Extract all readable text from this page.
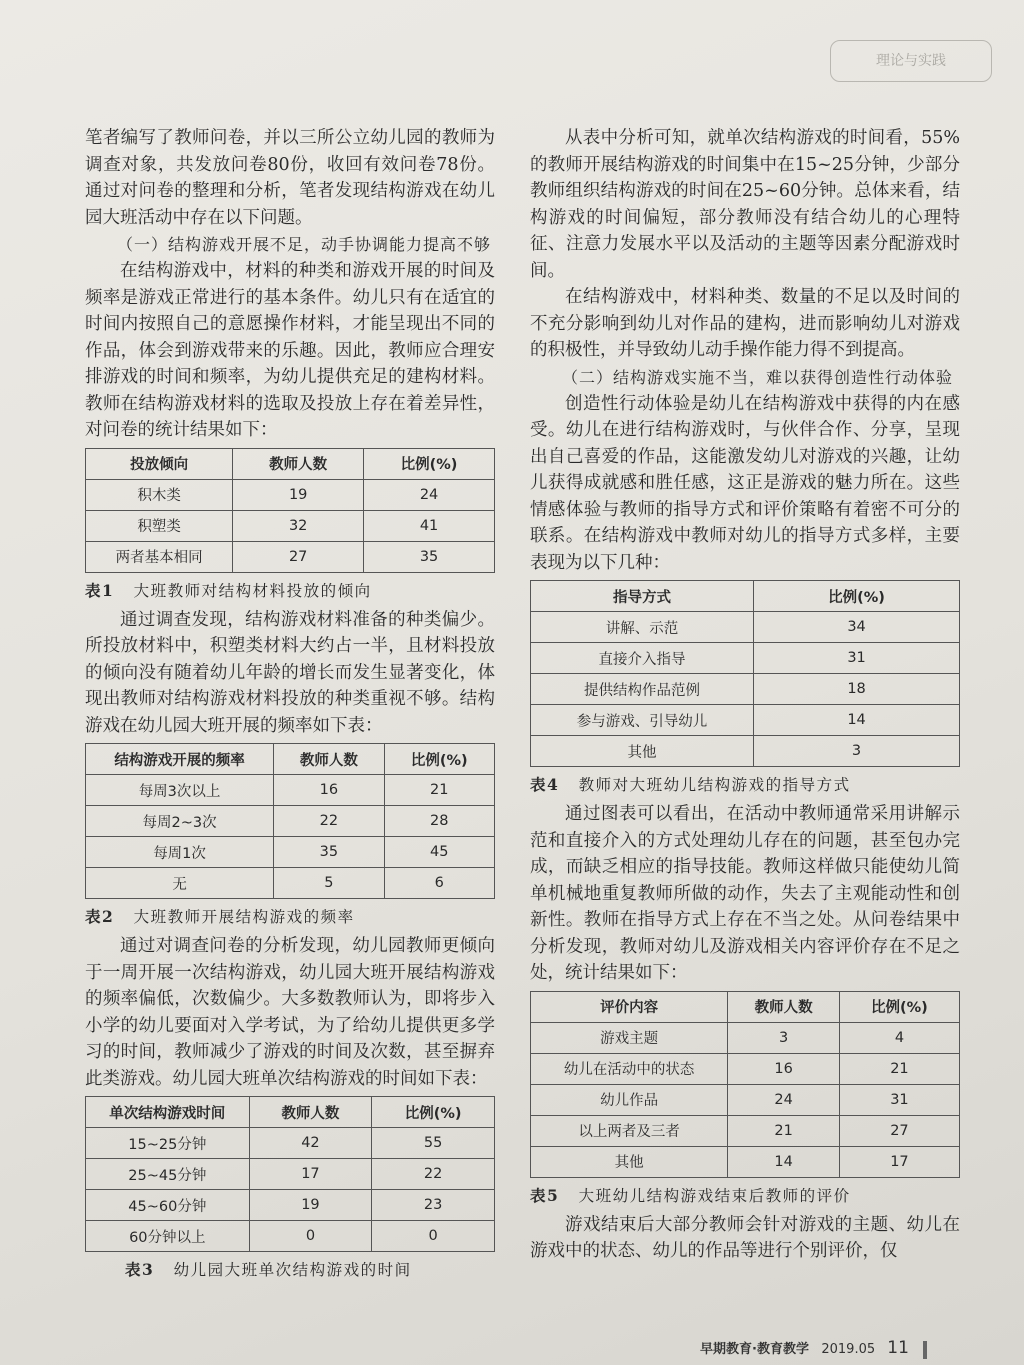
理论与实践

笔者编写了教师问卷，并以三所公立幼儿园的教师为调查对象，共发放问卷80份，收回有效问卷78份。通过对问卷的整理和分析，笔者发现结构游戏在幼儿园大班活动中存在以下问题。

（一）结构游戏开展不足，动手协调能力提高不够

在结构游戏中，材料的种类和游戏开展的时间及频率是游戏正常进行的基本条件。幼儿只有在适宜的时间内按照自己的意愿操作材料，才能呈现出不同的作品，体会到游戏带来的乐趣。因此，教师应合理安排游戏的时间和频率，为幼儿提供充足的建构材料。教师在结构游戏材料的选取及投放上存在着差异性，对问卷的统计结果如下：

投放倾向	教师人数	比例(%)
积木类	19	24
积塑类	32	41
两者基本相同	27	35
表1 大班教师对结构材料投放的倾向

通过调查发现，结构游戏材料准备的种类偏少。所投放材料中，积塑类材料大约占一半，且材料投放的倾向没有随着幼儿年龄的增长而发生显著变化，体现出教师对结构游戏材料投放的种类重视不够。结构游戏在幼儿园大班开展的频率如下表：

结构游戏开展的频率	教师人数	比例(%)
每周3次以上	16	21
每周2~3次	22	28
每周1次	35	45
无	5	6
表2 大班教师开展结构游戏的频率

通过对调查问卷的分析发现，幼儿园教师更倾向于一周开展一次结构游戏，幼儿园大班开展结构游戏的频率偏低，次数偏少。大多数教师认为，即将步入小学的幼儿要面对入学考试，为了给幼儿提供更多学习的时间，教师减少了游戏的时间及次数，甚至摒弃此类游戏。幼儿园大班单次结构游戏的时间如下表：

单次结构游戏时间	教师人数	比例(%)
15~25分钟	42	55
25~45分钟	17	22
45~60分钟	19	23
60分钟以上	0	0
表3 幼儿园大班单次结构游戏的时间

从表中分析可知，就单次结构游戏的时间看，55%的教师开展结构游戏的时间集中在15~25分钟，少部分教师组织结构游戏的时间在25~60分钟。总体来看，结构游戏的时间偏短，部分教师没有结合幼儿的心理特征、注意力发展水平以及活动的主题等因素分配游戏时间。

在结构游戏中，材料种类、数量的不足以及时间的不充分影响到幼儿对作品的建构，进而影响幼儿对游戏的积极性，并导致幼儿动手操作能力得不到提高。

（二）结构游戏实施不当，难以获得创造性行动体验

创造性行动体验是幼儿在结构游戏中获得的内在感受。幼儿在进行结构游戏时，与伙伴合作、分享，呈现出自己喜爱的作品，这能激发幼儿对游戏的兴趣，让幼儿获得成就感和胜任感，这正是游戏的魅力所在。这些情感体验与教师的指导方式和评价策略有着密不可分的联系。在结构游戏中教师对幼儿的指导方式多样，主要表现为以下几种：

指导方式	比例(%)
讲解、示范	34
直接介入指导	31
提供结构作品范例	18
参与游戏、引导幼儿	14
其他	3
表4 教师对大班幼儿结构游戏的指导方式

通过图表可以看出，在活动中教师通常采用讲解示范和直接介入的方式处理幼儿存在的问题，甚至包办完成，而缺乏相应的指导技能。教师这样做只能使幼儿简单机械地重复教师所做的动作，失去了主观能动性和创新性。教师在指导方式上存在不当之处。从问卷结果中分析发现，教师对幼儿及游戏相关内容评价存在不足之处，统计结果如下：

评价内容	教师人数	比例(%)
游戏主题	3	4
幼儿在活动中的状态	16	21
幼儿作品	24	31
以上两者及三者	21	27
其他	14	17
表5 大班幼儿结构游戏结束后教师的评价

游戏结束后大部分教师会针对游戏的主题、幼儿在游戏中的状态、幼儿的作品等进行个别评价，仅

早期教育·教育教学 2019.05 11
